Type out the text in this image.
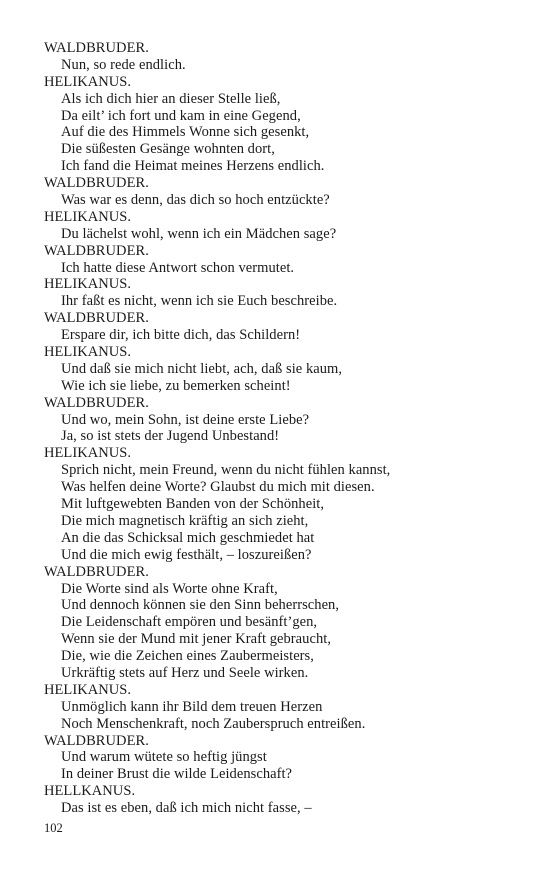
WALDBRUDER.
Nun, so rede endlich.
HELIKANUS.
Als ich dich hier an dieser Stelle ließ,
Da eilt’ ich fort und kam in eine Gegend,
Auf die des Himmels Wonne sich gesenkt,
Die süßesten Gesänge wohnten dort,
Ich fand die Heimat meines Herzens endlich.
WALDBRUDER.
Was war es denn, das dich so hoch entzückte?
HELIKANUS.
Du lächelst wohl, wenn ich ein Mädchen sage?
WALDBRUDER.
Ich hatte diese Antwort schon vermutet.
HELIKANUS.
Ihr faßt es nicht, wenn ich sie Euch beschreibe.
WALDBRUDER.
Erspare dir, ich bitte dich, das Schildern!
HELIKANUS.
Und daß sie mich nicht liebt, ach, daß sie kaum,
Wie ich sie liebe, zu bemerken scheint!
WALDBRUDER.
Und wo, mein Sohn, ist deine erste Liebe?
Ja, so ist stets der Jugend Unbestand!
HELIKANUS.
Sprich nicht, mein Freund, wenn du nicht fühlen kannst,
Was helfen deine Worte? Glaubst du mich mit diesen.
Mit luftgewebten Banden von der Schönheit,
Die mich magnetisch kräftig an sich zieht,
An die das Schicksal mich geschmiedet hat
Und die mich ewig festhält, – loszureißen?
WALDBRUDER.
Die Worte sind als Worte ohne Kraft,
Und dennoch können sie den Sinn beherrschen,
Die Leidenschaft empören und besänft’gen,
Wenn sie der Mund mit jener Kraft gebraucht,
Die, wie die Zeichen eines Zaubermeisters,
Urkräftig stets auf Herz und Seele wirken.
HELIKANUS.
Unmöglich kann ihr Bild dem treuen Herzen
Noch Menschenkraft, noch Zauberspruch entreißen.
WALDBRUDER.
Und warum wütete so heftig jüngst
In deiner Brust die wilde Leidenschaft?
HELLKANUS.
Das ist es eben, daß ich mich nicht fasse, –
102
